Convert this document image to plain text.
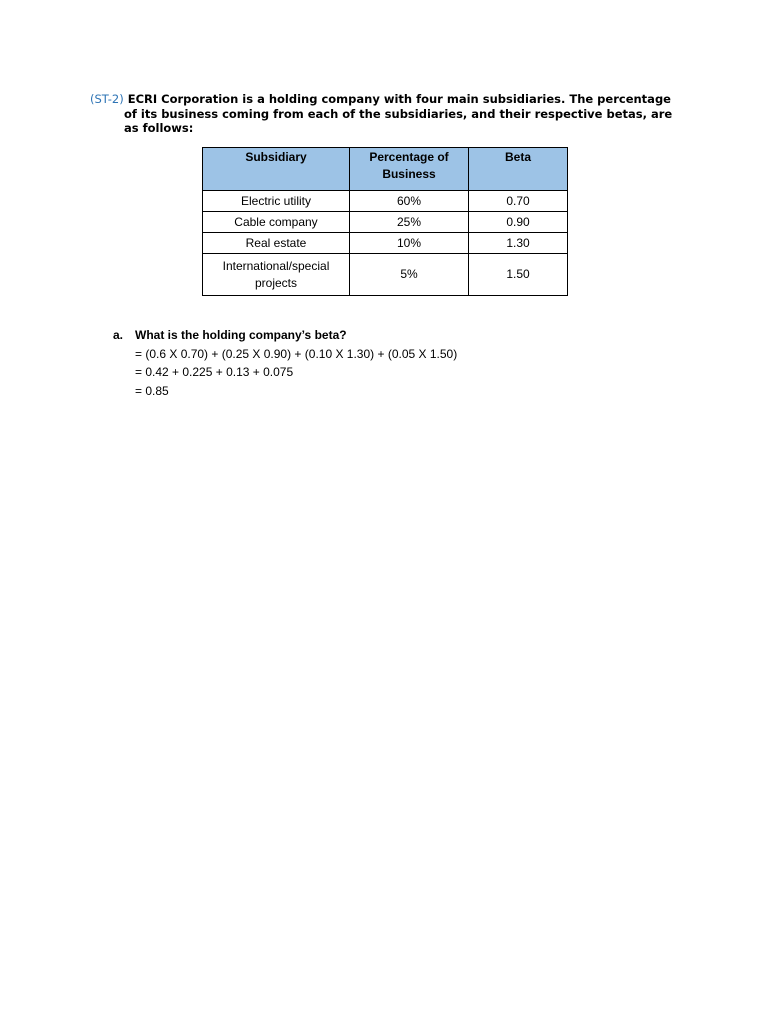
(ST-2) ECRI Corporation is a holding company with four main subsidiaries. The percentage
of its business coming from each of the subsidiaries, and their respective betas, are
as follows:
Subsidiary	Percentage of Business	Beta
Electric utility	60%	0.70
Cable company	25%	0.90
Real estate	10%	1.30
International/special projects	5%	1.50
a. What is the holding company’s beta?
= (0.6 X 0.70) + (0.25 X 0.90) + (0.10 X 1.30) + (0.05 X 1.50)
= 0.42 + 0.225 + 0.13 + 0.075
= 0.85
